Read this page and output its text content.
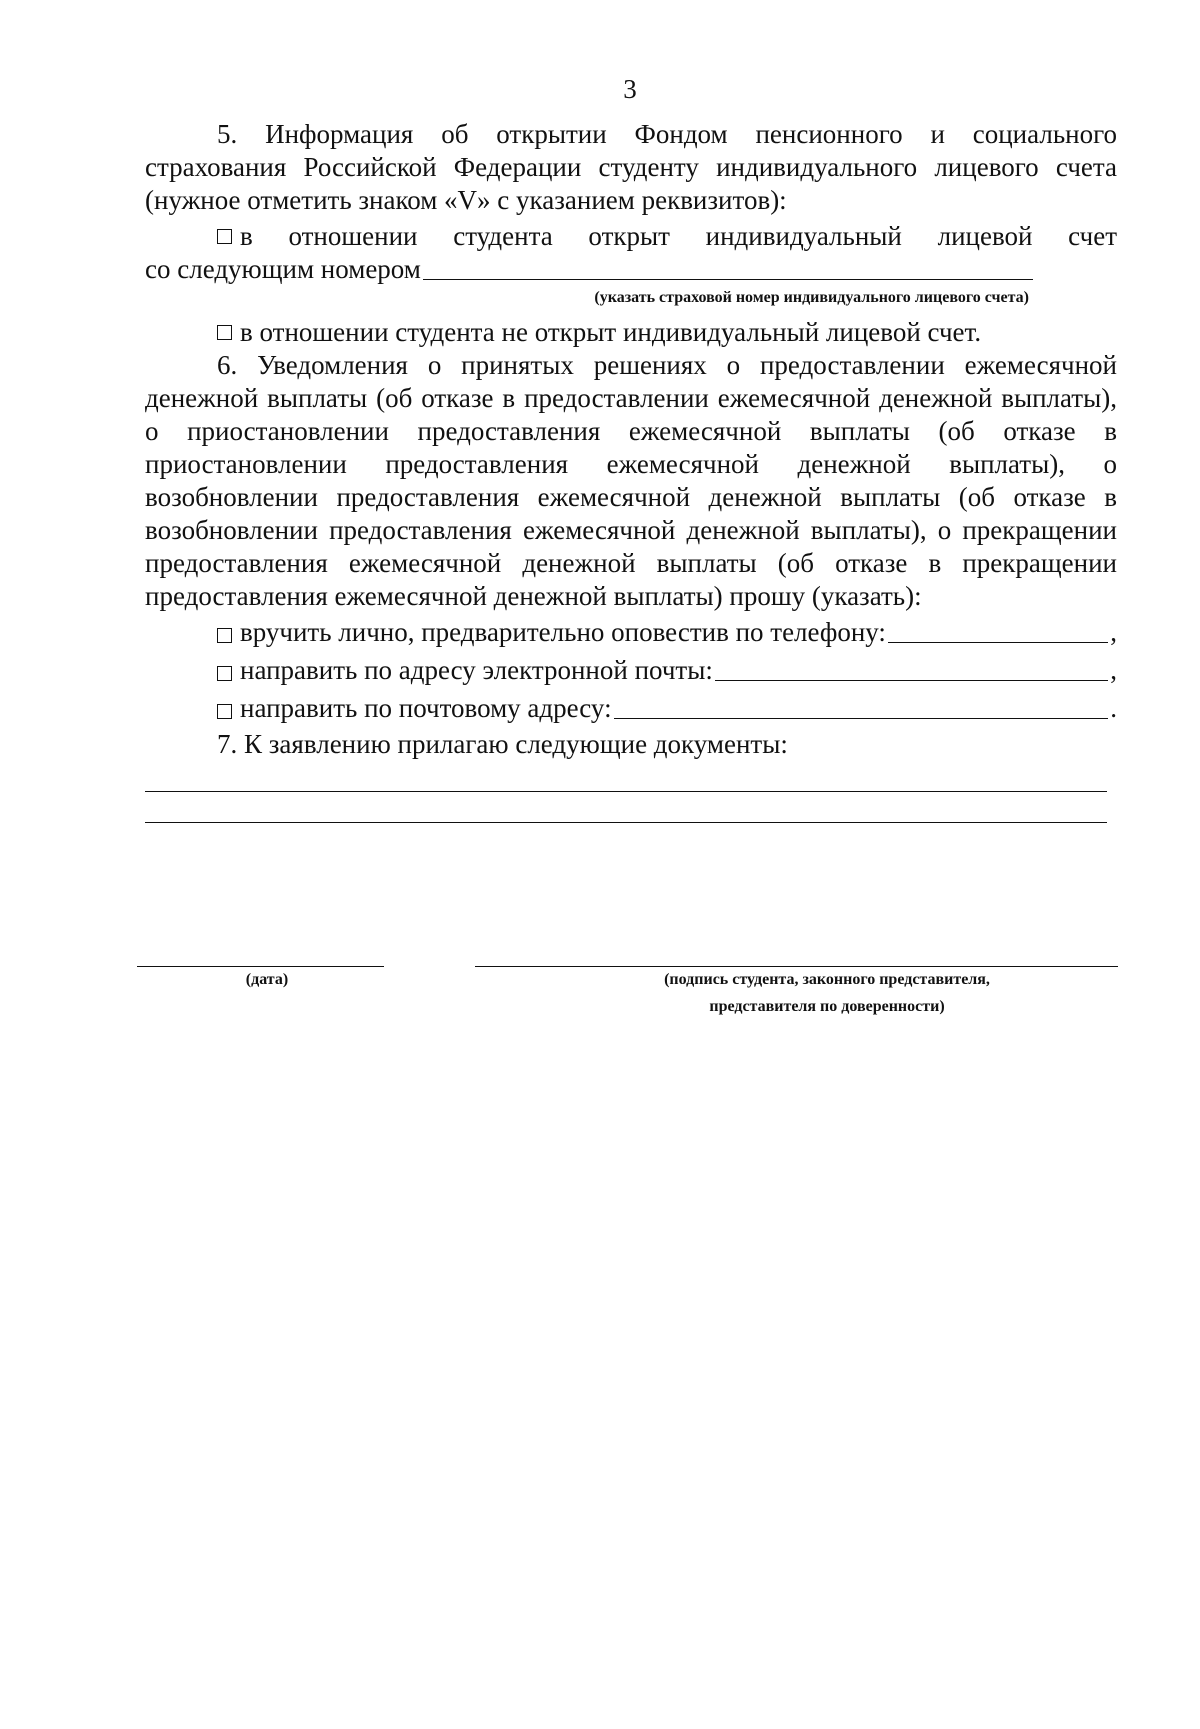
3

5. Информация об открытии Фондом пенсионного и социального страхования Российской Федерации студенту индивидуального лицевого счета (нужное отметить знаком «V» с указанием реквизитов):

в отношении студента открыт индивидуальный лицевой счет

со следующим номером
(указать страховой номер индивидуального лицевого счета)

в отношении студента не открыт индивидуальный лицевой счет.

6. Уведомления о принятых решениях о предоставлении ежемесячной денежной выплаты (об отказе в предоставлении ежемесячной денежной выплаты), о приостановлении предоставления ежемесячной выплаты (об отказе в приостановлении предоставления ежемесячной денежной выплаты), о возобновлении предоставления ежемесячной денежной выплаты (об отказе в возобновлении предоставления ежемесячной денежной выплаты), о прекращении предоставления ежемесячной денежной выплаты (об отказе в прекращении предоставления ежемесячной денежной выплаты) прошу (указать):

вручить лично, предварительно оповестив по телефону:	,
направить по адресу электронной почты:	,
направить по почтовому адресу:	.

7. К заявлению прилагаю следующие документы:

(дата)	(подпись студента, законного представителя,
представителя по доверенности)
